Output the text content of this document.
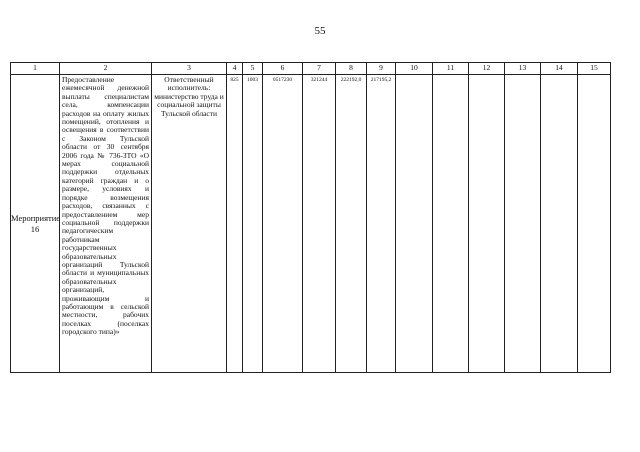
55
1	2	3	4	5	6	7	8	9	10	11	12	13	14	15
Мероприятие 16	Предоставление ежемесячной денежной выплаты специалистам села, компенсации расходов на оплату жилых помещений, отопления и освещения в соответствии с Законом Тульской области от 30 сентября 2006 года № 736-ЗТО «О мерах социальной поддержки отдельных категорий граждан и о размере, условиях и порядке возмещения расходов, связанных с предоставлением мер социальной поддержки педагогическим работникам государственных образовательных организаций Тульской области и муниципальных образовательных организаций, проживающим и работающим в сельской местности, рабочих поселках (поселках городского типа)»	Ответственный исполнитель: министерство труда и социальной защиты Тульской области	825	1003	0517230	321244	222192,0	217195,2						
